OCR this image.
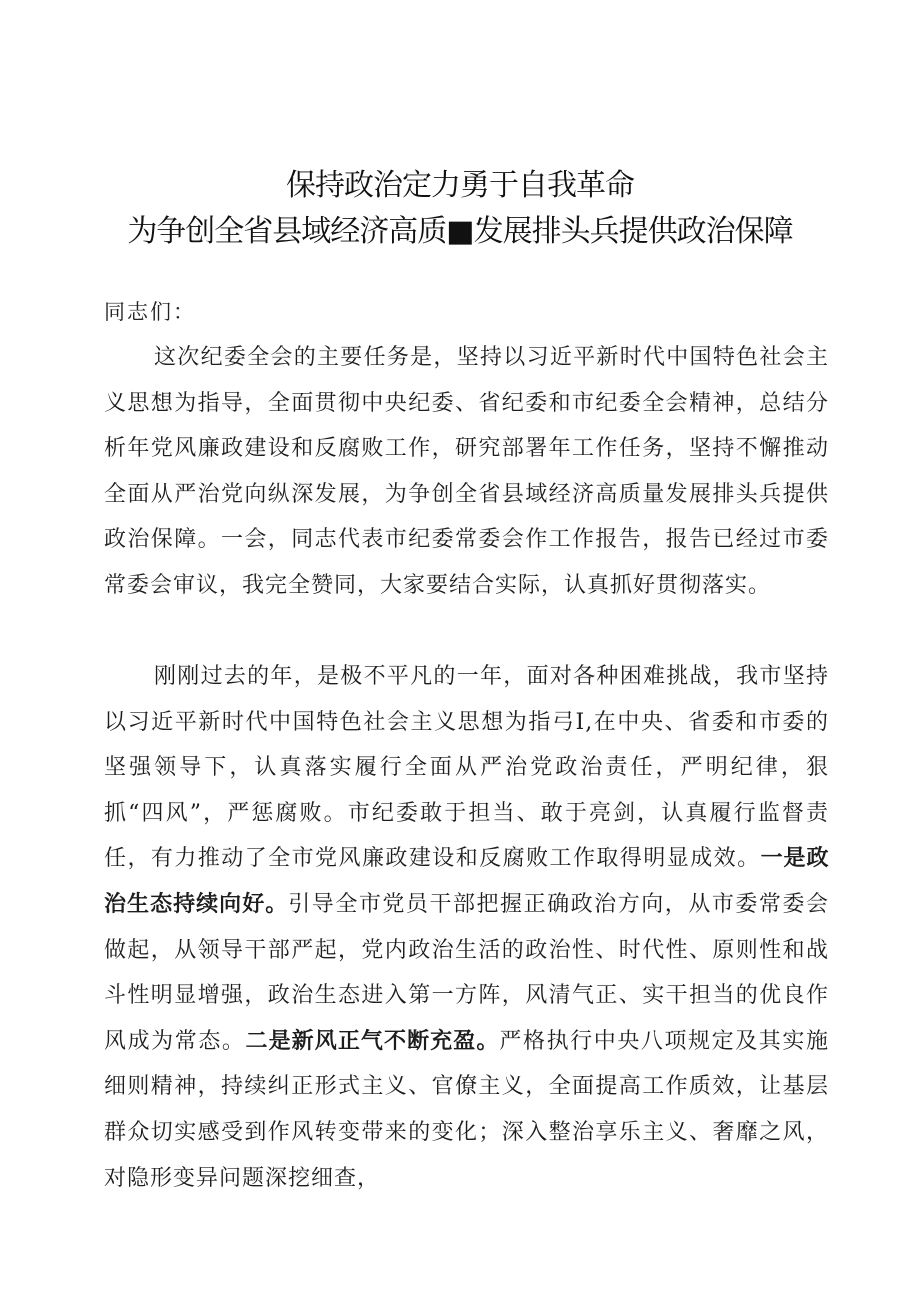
保持政治定力勇于自我革命
为争创全省县域经济高质■发展排头兵提供政治保障
同志们：

这次纪委全会的主要任务是，坚持以习近平新时代中国特色社会主义思想为指导，全面贯彻中央纪委、省纪委和市纪委全会精神，总结分析年党风廉政建设和反腐败工作，研究部署年工作任务，坚持不懈推动全面从严治党向纵深发展，为争创全省县域经济高质量发展排头兵提供政治保障。一会，同志代表市纪委常委会作工作报告，报告已经过市委常委会审议，我完全赞同，大家要结合实际，认真抓好贯彻落实。

刚刚过去的年，是极不平凡的一年，面对各种困难挑战，我市坚持以习近平新时代中国特色社会主义思想为指弓I,在中央、省委和市委的坚强领导下，认真落实履行全面从严治党政治责任，严明纪律，狠抓“四风”，严惩腐败。市纪委敢于担当、敢于亮剑，认真履行监督责任，有力推动了全市党风廉政建设和反腐败工作取得明显成效。一是政治生态持续向好。引导全市党员干部把握正确政治方向，从市委常委会做起，从领导干部严起，党内政治生活的政治性、时代性、原则性和战斗性明显增强，政治生态进入第一方阵，风清气正、实干担当的优良作风成为常态。二是新风正气不断充盈。严格执行中央八项规定及其实施细则精神，持续纠正形式主义、官僚主义，全面提高工作质效，让基层群众切实感受到作风转变带来的变化；深入整治享乐主义、奢靡之风，对隐形变异问题深挖细查，
